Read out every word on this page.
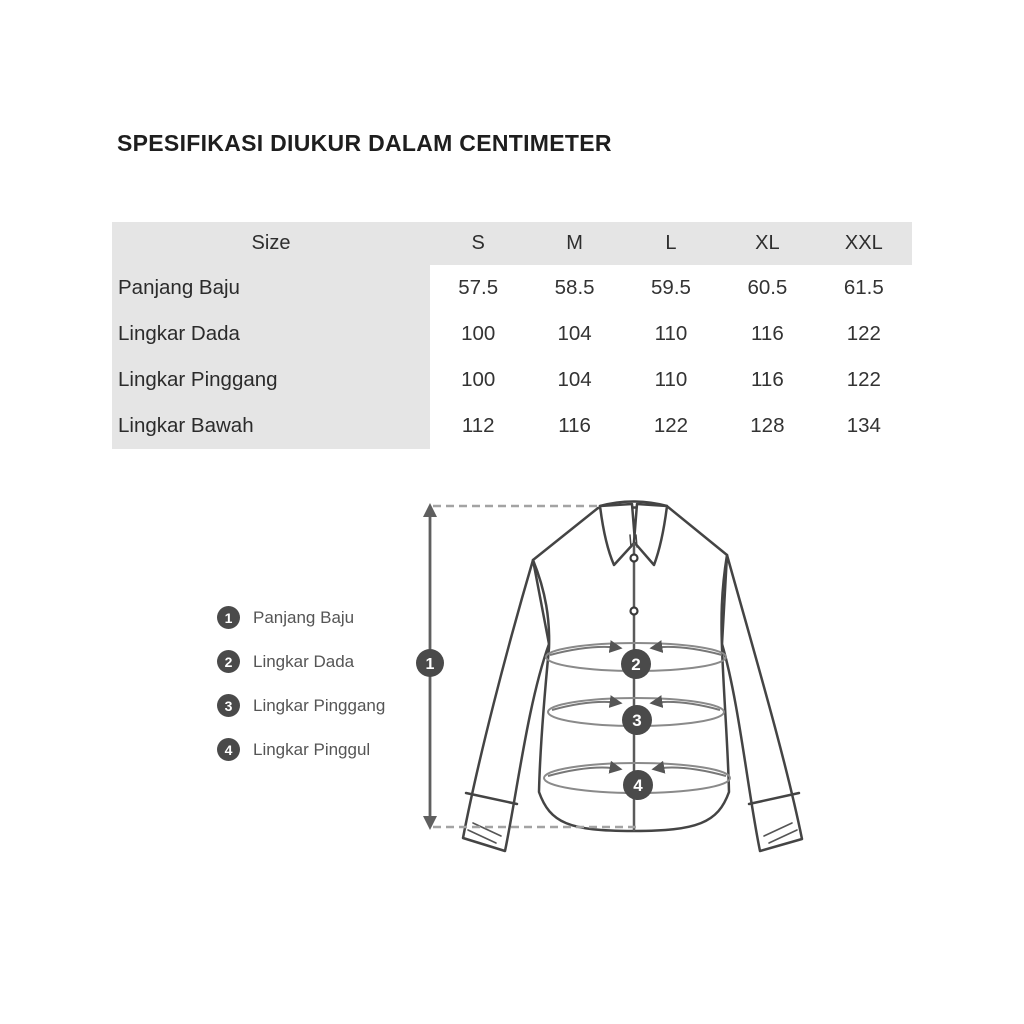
SPESIFIKASI DIUKUR DALAM CENTIMETER
Size	S	M	L	XL	XXL
Panjang Baju	57.5	58.5	59.5	60.5	61.5
Lingkar Dada	100	104	110	116	122
Lingkar Pinggang	100	104	110	116	122
Lingkar Bawah	112	116	122	128	134
1	Panjang Baju
2	Lingkar Dada
3	Lingkar Pinggang
4	Lingkar Pinggul
1	2
3
4
